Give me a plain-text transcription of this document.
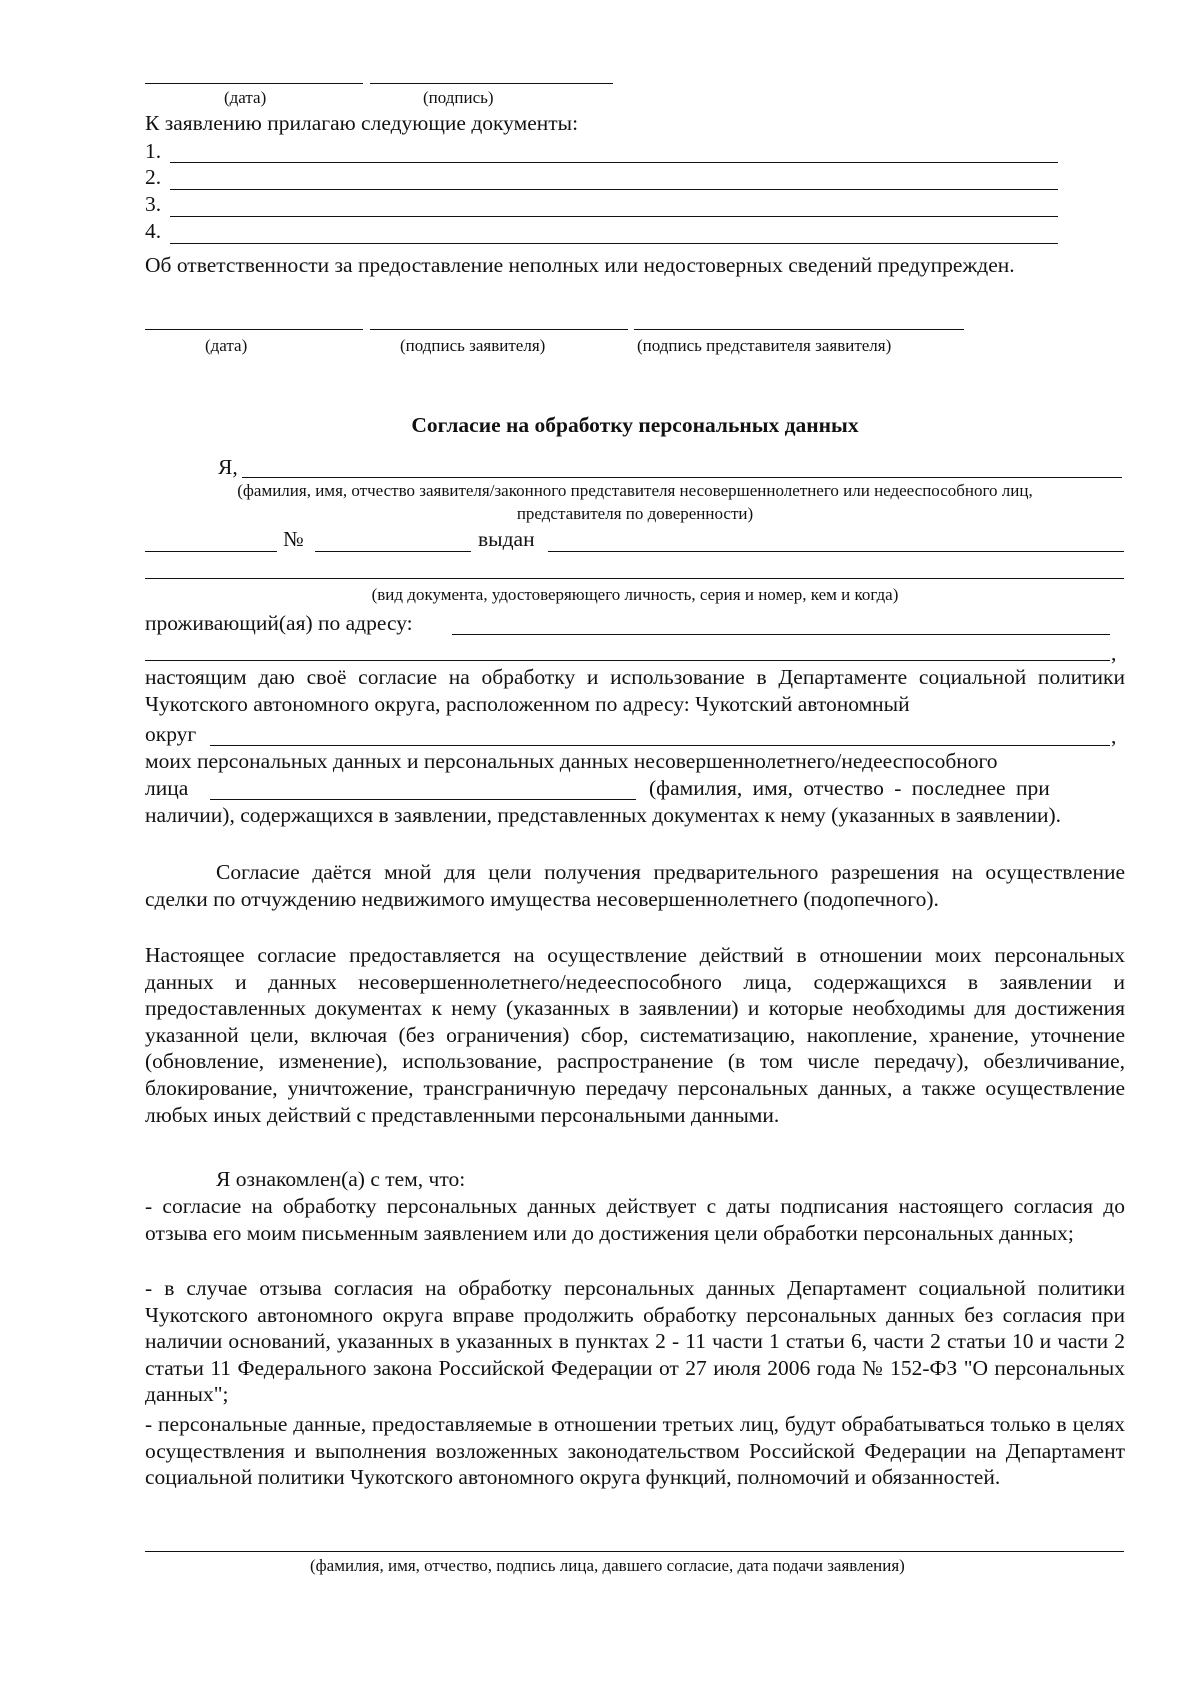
(дата)	(подпись)
К заявлению прилагаю следующие документы:
1.
2.
3.
4.
Об ответственности за предоставление неполных или недостоверных сведений предупрежден.
(дата)	(подпись заявителя)	(подпись представителя заявителя)
Согласие на обработку персональных данных
Я,
(фамилия, имя, отчество заявителя/законного представителя несовершеннолетнего или недееспособного лиц,
представителя по доверенности)
№	выдан
(вид документа, удостоверяющего личность, серия и номер, кем и когда)
проживающий(ая) по адресу:
,
настоящим даю своё согласие на обработку и использование в Департаменте социальной политики Чукотского автономного округа, расположенном по адресу: Чукотский автономный
округ	,
моих персональных данных и персональных данных несовершеннолетнего/недееспособного
лица	(фамилия, имя, отчество - последнее при
наличии), содержащихся в заявлении, представленных документах к нему (указанных в заявлении).
Согласие даётся мной для цели получения предварительного разрешения на осуществление сделки по отчуждению недвижимого имущества несовершеннолетнего (подопечного).
Настоящее согласие предоставляется на осуществление действий в отношении моих персональных данных и данных несовершеннолетнего/недееспособного лица, содержащихся в заявлении и предоставленных документах к нему (указанных в заявлении) и которые необходимы для достижения указанной цели, включая (без ограничения) сбор, систематизацию, накопление, хранение, уточнение (обновление, изменение), использование, распространение (в том числе передачу), обезличивание, блокирование, уничтожение, трансграничную передачу персональных данных, а также осуществление любых иных действий с представленными персональными данными.
Я ознакомлен(а) с тем, что:
- согласие на обработку персональных данных действует с даты подписания настоящего согласия до отзыва его моим письменным заявлением или до достижения цели обработки персональных данных;
- в случае отзыва согласия на обработку персональных данных Департамент социальной политики Чукотского автономного округа вправе продолжить обработку персональных данных без согласия при наличии оснований, указанных в указанных в пунктах 2 - 11 части 1 статьи 6, части 2 статьи 10 и части 2 статьи 11 Федерального закона Российской Федерации от 27 июля 2006 года № 152-ФЗ "О персональных данных";
- персональные данные, предоставляемые в отношении третьих лиц, будут обрабатываться только в целях осуществления и выполнения возложенных законодательством Российской Федерации на Департамент социальной политики Чукотского автономного округа функций, полномочий и обязанностей.
(фамилия, имя, отчество, подпись лица, давшего согласие, дата подачи заявления)
